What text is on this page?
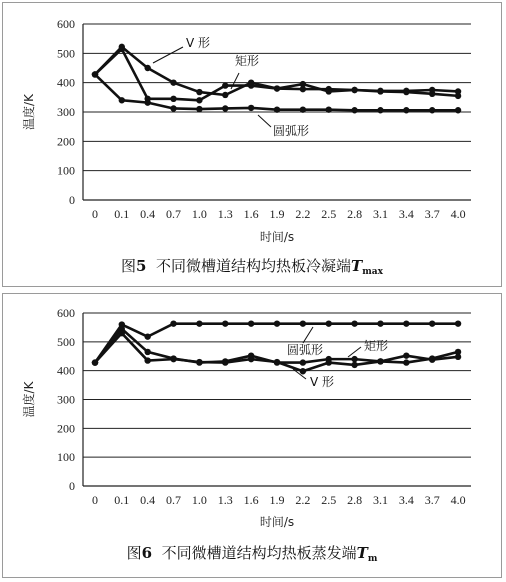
0
100
200
300
400
500
600
0 0.1 0.4 0.7 1.0 1.3 1.6 1.9 2.2 2.5 2.8 3.1 3.4 3.7 4.0
温度/K
时间/s
V 形
矩形
圆弧形
图5 不同微槽道结构均热板冷凝端$T_{max}$
0
100
200
300
400
500
600
0 0.1 0.4 0.7 1.0 1.3 1.6 1.9 2.2 2.5 2.8 3.1 3.4 3.7 4.0
温度/K
时间/s
圆弧形	矩形
V 形
图6 不同微槽道结构均热板蒸发端$T_m$
